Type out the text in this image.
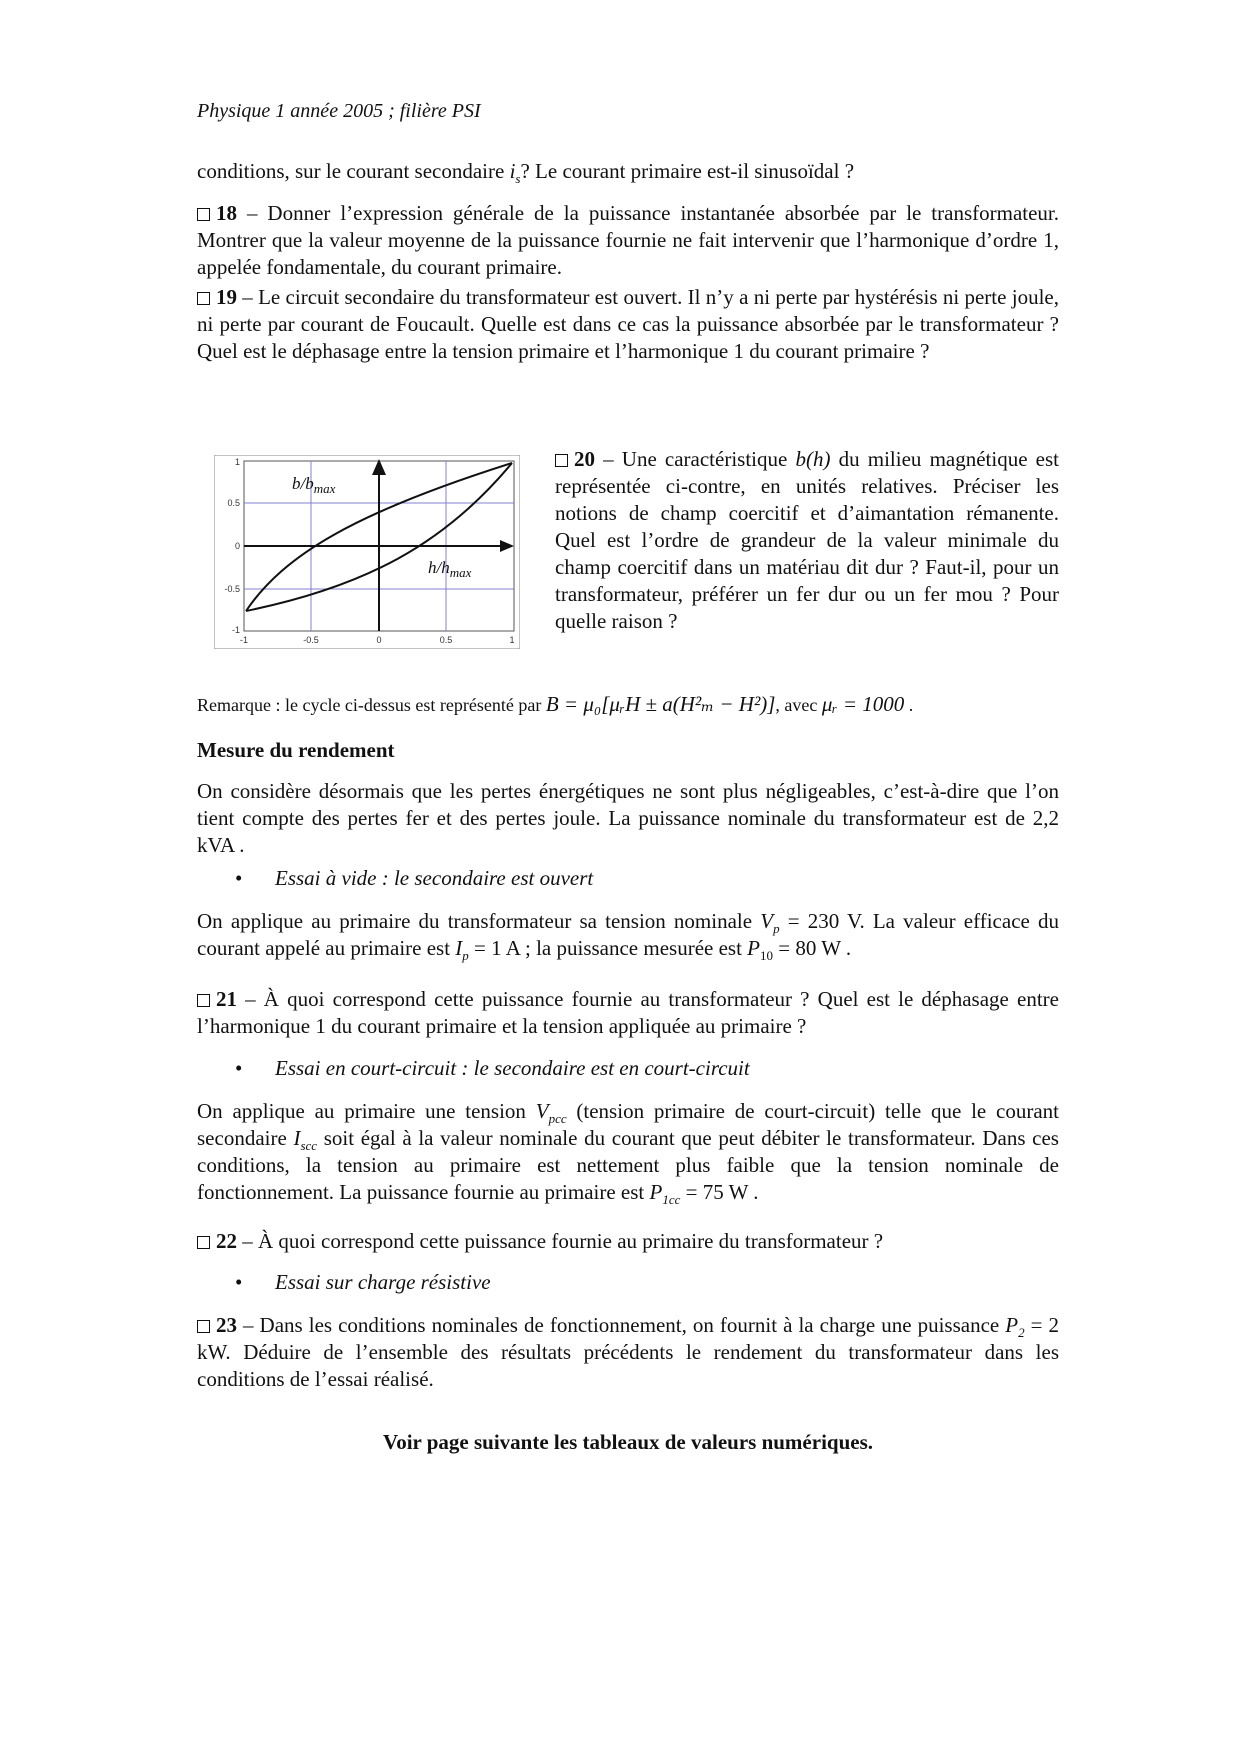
Physique 1 année 2005 ; filière PSI
conditions, sur le courant secondaire $i_s$? Le courant primaire est-il sinusoïdal ?
18 – Donner l’expression générale de la puissance instantanée absorbée par le transformateur. Montrer que la valeur moyenne de la puissance fournie ne fait intervenir que l’harmonique d’ordre 1, appelée fondamentale, du courant primaire.
19 – Le circuit secondaire du transformateur est ouvert. Il n’y a ni perte par hystérésis ni perte joule, ni perte par courant de Foucault. Quelle est dans ce cas la puissance absorbée par le transformateur ? Quel est le déphasage entre la tension primaire et l’harmonique 1 du courant primaire ?
1
0.5
0
-0.5
-1
-1	-0.5	0	0.5	1
$b/b_{max}$
$h/h_{max}$
20 – Une caractéristique b(h) du milieu magnétique est représentée ci-contre, en unités relatives. Préciser les notions de champ coercitif et d’aimantation rémanente. Quel est l’ordre de grandeur de la valeur minimale du champ coercitif dans un matériau dit dur ? Faut-il, pour un transformateur, préférer un fer dur ou un fer mou ? Pour quelle raison ?
Remarque : le cycle ci-dessus est représenté par B = μ₀[μᵣH ± a(H²ₘ − H²)], avec μᵣ = 1000 .
Mesure du rendement
On considère désormais que les pertes énergétiques ne sont plus négligeables, c’est-à-dire que l’on tient compte des pertes fer et des pertes joule. La puissance nominale du transformateur est de 2,2 kVA .
• Essai à vide : le secondaire est ouvert
On applique au primaire du transformateur sa tension nominale $V_p = 230$ V. La valeur efficace du courant appelé au primaire est $I_p = 1$ A ; la puissance mesurée est $P_{10} = 80$ W .
21 – À quoi correspond cette puissance fournie au transformateur ? Quel est le déphasage entre l’harmonique 1 du courant primaire et la tension appliquée au primaire ?
• Essai en court-circuit : le secondaire est en court-circuit
On applique au primaire une tension $V_{pcc}$ (tension primaire de court-circuit) telle que le courant secondaire $I_{scc}$ soit égal à la valeur nominale du courant que peut débiter le transformateur. Dans ces conditions, la tension au primaire est nettement plus faible que la tension nominale de fonctionnement. La puissance fournie au primaire est $P_{1cc} = 75$ W .
22 – À quoi correspond cette puissance fournie au primaire du transformateur ?
• Essai sur charge résistive
23 – Dans les conditions nominales de fonctionnement, on fournit à la charge une puissance $P_2 = 2$ kW. Déduire de l’ensemble des résultats précédents le rendement du transformateur dans les conditions de l’essai réalisé.
Voir page suivante les tableaux de valeurs numériques.
